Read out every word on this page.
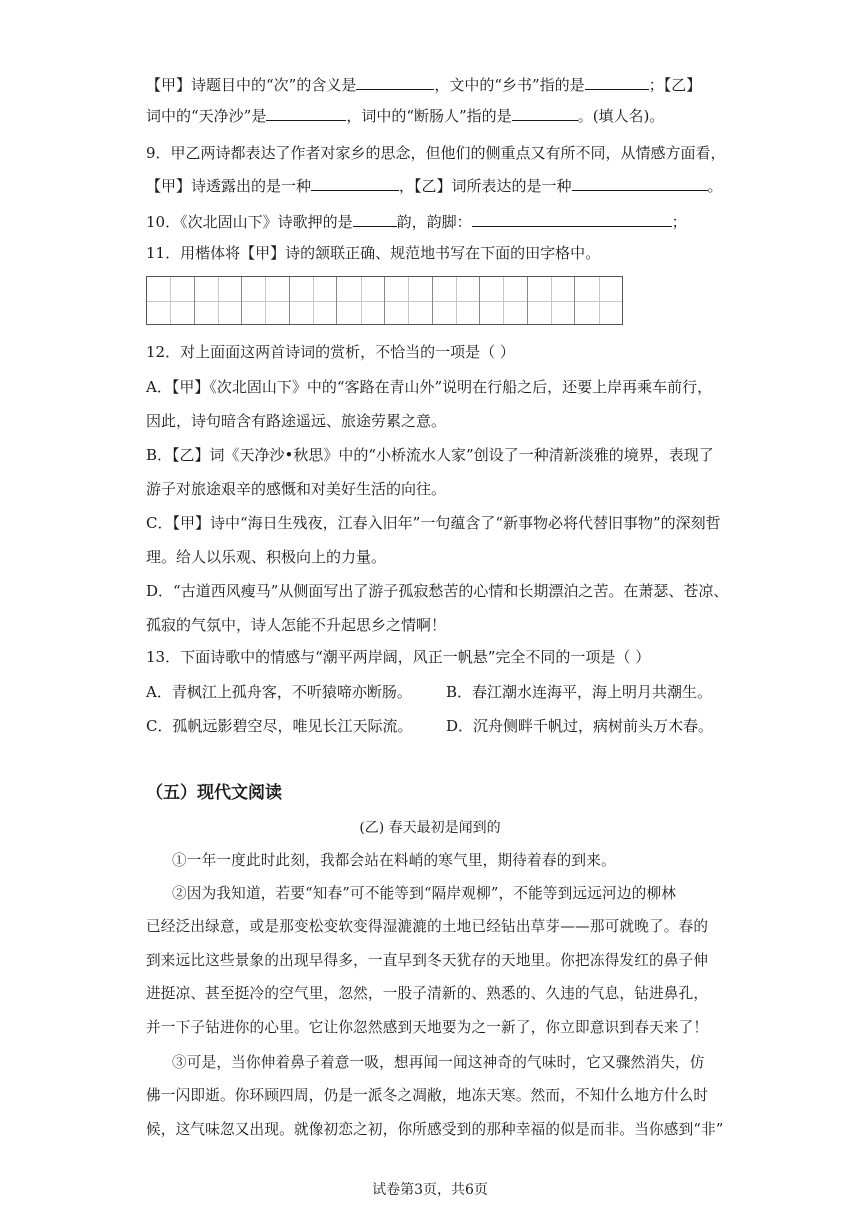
【甲】诗题目中的“次”的含义是	，文中的“乡书”指的是	；【乙】
词中的“天净沙”是	，词中的“断肠人”指的是	。(填人名)。
9．甲乙两诗都表达了作者对家乡的思念，但他们的侧重点又有所不同，从情感方面看，
【甲】诗透露出的是一种	，【乙】词所表达的是一种	。
10．《次北固山下》诗歌押的是	韵，韵脚：	；
11．用楷体将【甲】诗的颔联正确、规范地书写在下面的田字格中。
12．对上面面这两首诗词的赏析，不恰当的一项是（ ）
A．【甲】《次北固山下》中的“客路在青山外”说明在行船之后，还要上岸再乘车前行，
因此，诗句暗含有路途遥远、旅途劳累之意。
B．【乙】词《天净沙•秋思》中的“小桥流水人家”创设了一种清新淡雅的境界，表现了
游子对旅途艰辛的感慨和对美好生活的向往。
C．【甲】诗中“海日生残夜，江春入旧年”一句蕴含了“新事物必将代替旧事物”的深刻哲
理。给人以乐观、积极向上的力量。
D．“古道西风瘦马”从侧面写出了游子孤寂愁苦的心情和长期漂泊之苦。在萧瑟、苍凉、
孤寂的气氛中，诗人怎能不升起思乡之情啊！
13．下面诗歌中的情感与“潮平两岸阔，风正一帆悬”完全不同的一项是（ ）
A．青枫江上孤舟客，不听猿啼亦断肠。 B．春江潮水连海平，海上明月共潮生。
C．孤帆远影碧空尽，唯见长江天际流。 D．沉舟侧畔千帆过，病树前头万木春。
（五）现代文阅读
(乙) 春天最初是闻到的
①一年一度此时此刻，我都会站在料峭的寒气里，期待着春的到来。
②因为我知道，若要“知春”可不能等到“隔岸观柳”，不能等到远远河边的柳林
已经泛出绿意，或是那变松变软变得湿漉漉的土地已经钻出草芽——那可就晚了。春的
到来远比这些景象的出现早得多，一直早到冬天犹存的天地里。你把冻得发红的鼻子伸
进挺凉、甚至挺冷的空气里，忽然，一股子清新的、熟悉的、久违的气息，钻进鼻孔，
并一下子钻进你的心里。它让你忽然感到天地要为之一新了，你立即意识到春天来了！
③可是，当你伸着鼻子着意一吸，想再闻一闻这神奇的气味时，它又骤然消失，仿
佛一闪即逝。你环顾四周，仍是一派冬之凋敝，地冻天寒。然而，不知什么地方什么时
候，这气味忽又出现。就像初恋之初，你所感受到的那种幸福的似是而非。当你感到“非”
试卷第3页，共6页
